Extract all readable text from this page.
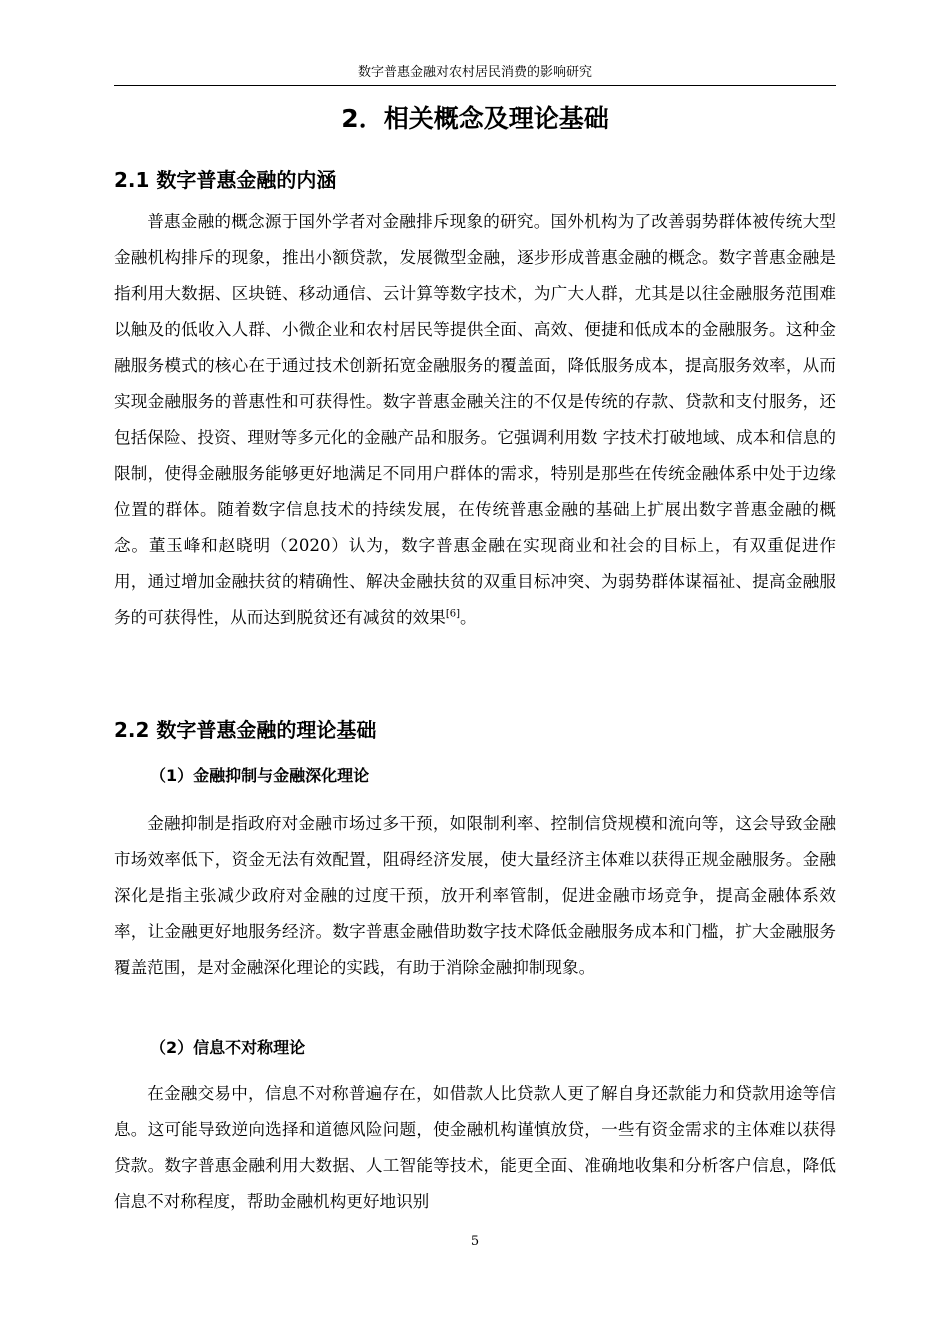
数字普惠金融对农村居民消费的影响研究
2．相关概念及理论基础
2.1 数字普惠金融的内涵

普惠金融的概念源于国外学者对金融排斥现象的研究。国外机构为了改善弱势群体被传统大型金融机构排斥的现象，推出小额贷款，发展微型金融，逐步形成普惠金融的概念。数字普惠金融是指利用大数据、区块链、移动通信、云计算等数字技术，为广大人群，尤其是以往金融服务范围难以触及的低收入人群、小微企业和农村居民等提供全面、高效、便捷和低成本的金融服务。这种金融服务模式的核心在于通过技术创新拓宽金融服务的覆盖面，降低服务成本，提高服务效率，从而实现金融服务的普惠性和可获得性。数字普惠金融关注的不仅是传统的存款、贷款和支付服务，还包括保险、投资、理财等多元化的金融产品和服务。它强调利用数 字技术打破地域、成本和信息的限制，使得金融服务能够更好地满足不同用户群体的需求，特别是那些在传统金融体系中处于边缘位置的群体。随着数字信息技术的持续发展，在传统普惠金融的基础上扩展出数字普惠金融的概念。董玉峰和赵晓明（2020）认为，数字普惠金融在实现商业和社会的目标上，有双重促进作用，通过增加金融扶贫的精确性、解决金融扶贫的双重目标冲突、为弱势群体谋福祉、提高金融服务的可获得性，从而达到脱贫还有减贫的效果[6]。

2.2 数字普惠金融的理论基础
（1）金融抑制与金融深化理论

金融抑制是指政府对金融市场过多干预，如限制利率、控制信贷规模和流向等，这会导致金融市场效率低下，资金无法有效配置，阻碍经济发展，使大量经济主体难以获得正规金融服务。金融深化是指主张减少政府对金融的过度干预，放开利率管制，促进金融市场竞争，提高金融体系效率，让金融更好地服务经济。数字普惠金融借助数字技术降低金融服务成本和门槛，扩大金融服务覆盖范围，是对金融深化理论的实践，有助于消除金融抑制现象。

（2）信息不对称理论

在金融交易中，信息不对称普遍存在，如借款人比贷款人更了解自身还款能力和贷款用途等信息。这可能导致逆向选择和道德风险问题，使金融机构谨慎放贷，一些有资金需求的主体难以获得贷款。数字普惠金融利用大数据、人工智能等技术，能更全面、准确地收集和分析客户信息，降低信息不对称程度，帮助金融机构更好地识别

5
